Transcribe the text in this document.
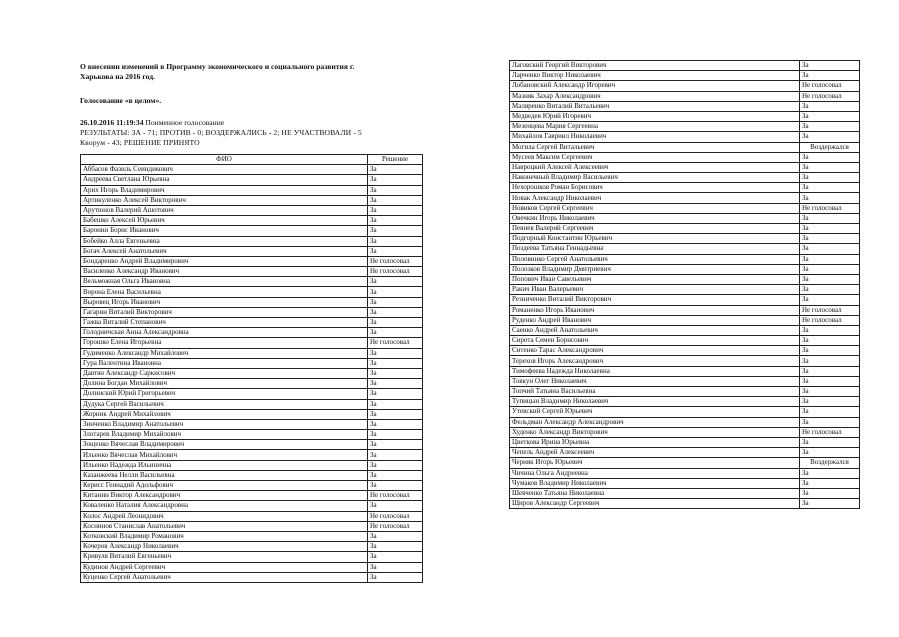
О внесении изменений в Программу экономического и социального развития г.

Харькова на 2016 год.

Голосование «в целом».

26.10.2016 11:19:34 Поименное голосование

РЕЗУЛЬТАТЫ: ЗА - 71; ПРОТИВ - 0; ВОЗДЕРЖАЛИСЬ - 2; НЕ УЧАСТВОВАЛИ - 5

Кворум - 43; РЕШЕНИЕ ПРИНЯТО

ФИО	Решение
Аббасов Фазиль Сеиндикович	За
Андреева Светлана Юрьевна	За
Арих Игорь Владимирович	За
Артикуленко Алексей Викторович	За
Арутюнов Валерий Ашотович	За
Бабешко Алексей Юрьевич	За
Баронин Борис Иванович	За
Бобейко Алла Евгеньевна	За
Богач Алексей Анатольевич	За
Бондаренко Андрей Владимирович	Не голосовал
Василенко Александр Иванович	Не голосовал
Вельможная Ольга Ивановна	За
Ворона Елена Васильевна	За
Выровец Игорь Иванович	За
Гагарин Виталий Викторович	За
Гажва Виталий Степанович	За
Голодничская Анна Александровна	За
Горошко Елена Игорьевна	Не голосовал
Гудименко Александр Михайлович	За
Гура Валентина Ивановна	За
Давтян Александр Саркисович	За
Долина Богдан Михайлович	За
Долинский Юрий Григорьевич	За
Дудука Сергей Васильевич	За
Жорник Андрей Михайлович	За
Зинченко Владимир Анатольевич	За
Злотарев Владимир Михайлович	За
Зощенко Вячеслав Владимирович	За
Ильенко Вячеслав Михайлович	За
Ильенко Надежда Ильинична	За
Казанжеева Нелли Васильевна	За
Керисс Геннадий Адольфович	За
Китанин Виктор Александрович	Не голосовал
Коваленко Наталия Александровна	За
Колос Андрей Леонидович	Не голосовал
Коснинов Станислав Анатольевич	Не голосовал
Котковский Владимир Романович	За
Кочеров Александр Николаевич	За
Кривуля Виталий Евгеньевич	За
Кудинов Андрей Сергеевич	За
Куценко Сергей Анатольевич	За
Лаговский Георгий Викторович	За
Ларченко Виктор Николаевич	За
Лобановский Александр Игоревич	Не голосовал
Мазняк Захар Александрович	Не голосовал
Маляренко Виталий Витальевич	За
Медведев Юрий Игоревич	За
Мезенцева Мария Сергеевна	За
Михайлов Гавриил Николаевич	За
Могила Сергей Витальевич	Воздержался
Мусеев Максим Сергеевич	За
Навроцкий Алексей Алексеевич	За
Наконечный Владимир Васильевич	За
Нехорошков Роман Борисович	За
Новак Александр Николаевич	За
Новиков Сергей Сергеевич	Не голосовал
Овечкин Игорь Николаевич	За
Певнев Валерий Сергеевич	За
Подгорный Константин Юрьевич	За
Поздеева Татьяна Геннадьевна	За
Половинко Сергей Анатольевич	За
Полозков Владимир Дмитриевич	За
Попович Иван Савельевич	За
Ракич Иван Валерьевич	За
Резниченко Виталий Викторович	За
Романенко Игорь Иванович	Не голосовал
Руденко Андрей Иванович	Не голосовал
Саенко Андрей Анатольевич	За
Сирота Семен Борисович	За
Ситенко Тарас Александрович	За
Терехов Игорь Александрович	За
Тимофеева Надежда Николаевна	За
Товкун Олег Николаевич	За
Топчий Татьяна Васильевна	За
Тупицын Владимир Николаевич	За
Утевский Сергей Юрьевич	За
Фельдман Александр Александрович	За
Худенко Александр Викторович	Не голосовал
Цветкова Ирина Юрьевна	За
Чепель Андрей Алексеевич	За
Черняк Игорь Юрьевич	Воздержался
Чичина Ольга Андреевна	За
Чумаков Владимир Николаевич	За
Шевченко Татьяна Николаевна	За
Щиров Александр Сергеевич	За
